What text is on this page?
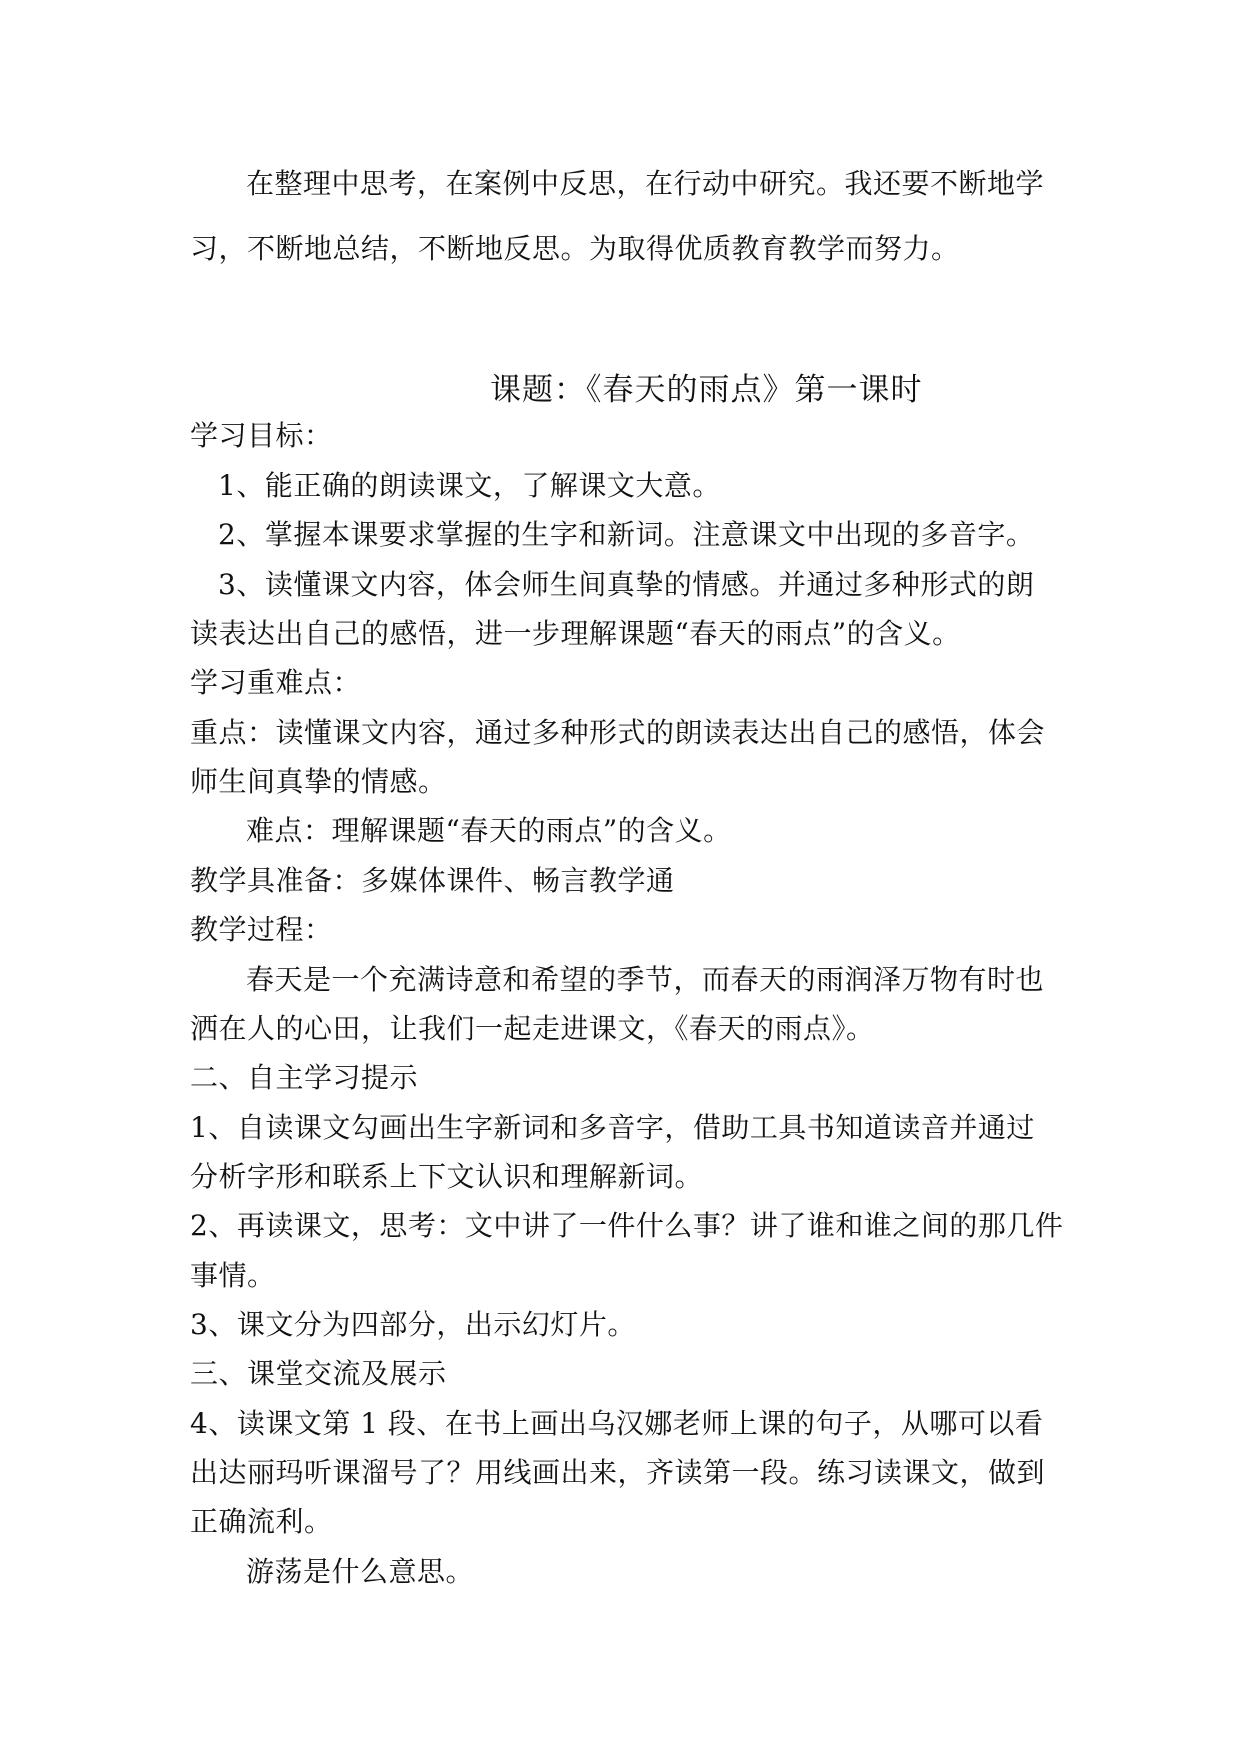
在整理中思考，在案例中反思，在行动中研究。我还要不断地学
习，不断地总结，不断地反思。为取得优质教育教学而努力。
课题：《春天的雨点》第一课时
学习目标：
1、能正确的朗读课文，了解课文大意。
2、掌握本课要求掌握的生字和新词。注意课文中出现的多音字。
3、读懂课文内容，体会师生间真挚的情感。并通过多种形式的朗
读表达出自己的感悟，进一步理解课题“春天的雨点”的含义。
学习重难点：
重点：读懂课文内容，通过多种形式的朗读表达出自己的感悟，体会
师生间真挚的情感。
难点：理解课题“春天的雨点”的含义。
教学具准备：多媒体课件、畅言教学通
教学过程：
春天是一个充满诗意和希望的季节，而春天的雨润泽万物有时也
洒在人的心田，让我们一起走进课文，《春天的雨点》。
二、自主学习提示
1、自读课文勾画出生字新词和多音字，借助工具书知道读音并通过
分析字形和联系上下文认识和理解新词。
2、再读课文，思考：文中讲了一件什么事？讲了谁和谁之间的那几件
事情。
3、课文分为四部分，出示幻灯片。
三、课堂交流及展示
4、读课文第 1 段、在书上画出乌汉娜老师上课的句子，从哪可以看
出达丽玛听课溜号了？用线画出来，齐读第一段。练习读课文，做到
正确流利。
游荡是什么意思。
